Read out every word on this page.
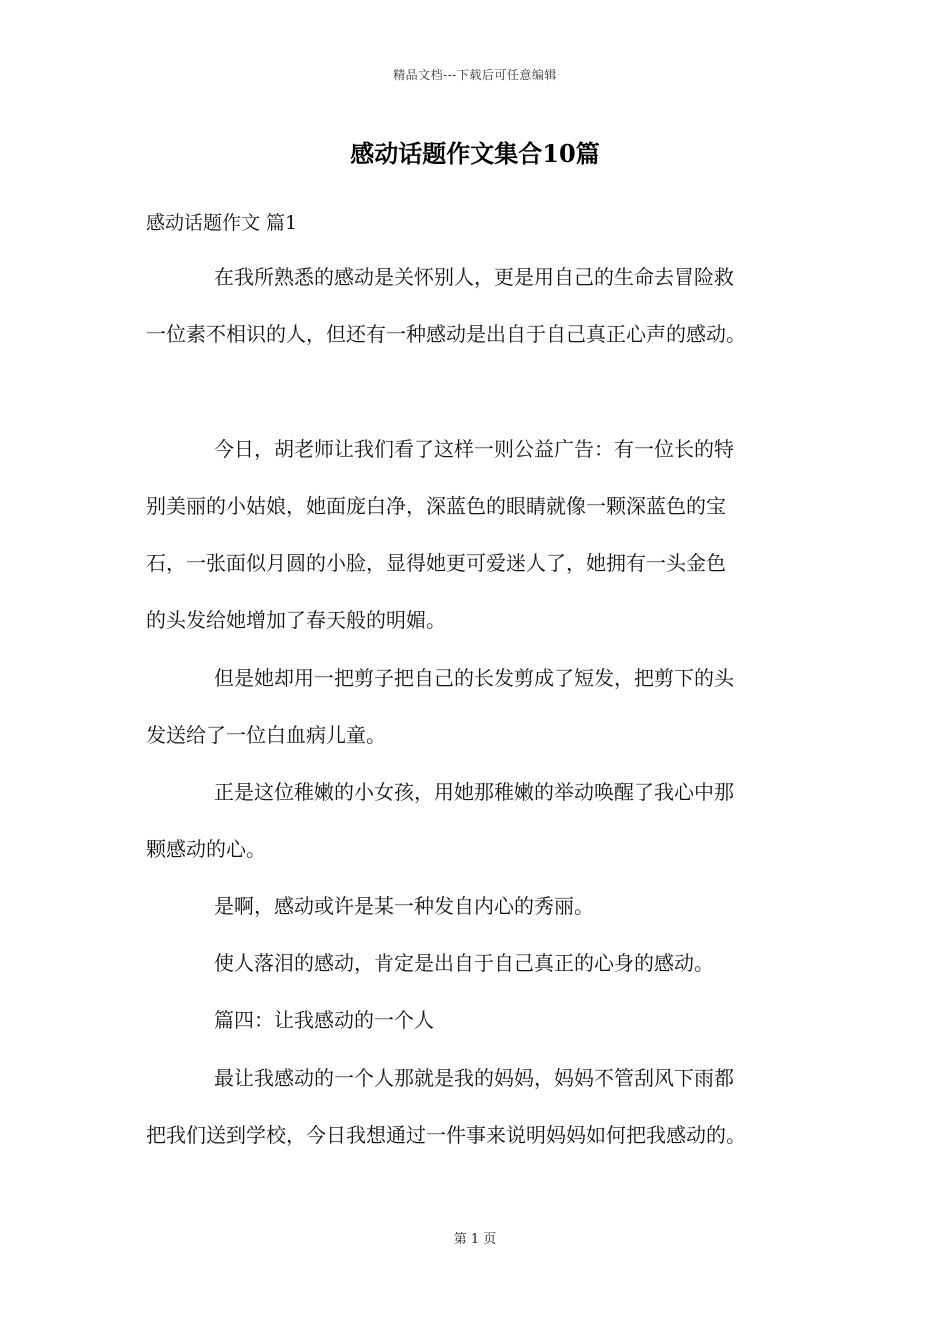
精品文档---下载后可任意编辑
感动话题作文集合10篇
感动话题作文 篇1
在我所熟悉的感动是关怀别人，更是用自己的生命去冒险救
一位素不相识的人，但还有一种感动是出自于自己真正心声的感动。
今日，胡老师让我们看了这样一则公益广告：有一位长的特
别美丽的小姑娘，她面庞白净，深蓝色的眼睛就像一颗深蓝色的宝
石，一张面似月圆的小脸，显得她更可爱迷人了，她拥有一头金色
的头发给她增加了春天般的明媚。
但是她却用一把剪子把自己的长发剪成了短发，把剪下的头
发送给了一位白血病儿童。
正是这位稚嫩的小女孩，用她那稚嫩的举动唤醒了我心中那
颗感动的心。
是啊，感动或许是某一种发自内心的秀丽。
使人落泪的感动，肯定是出自于自己真正的心身的感动。
篇四：让我感动的一个人
最让我感动的一个人那就是我的妈妈，妈妈不管刮风下雨都
把我们送到学校，今日我想通过一件事来说明妈妈如何把我感动的。
第 1 页
